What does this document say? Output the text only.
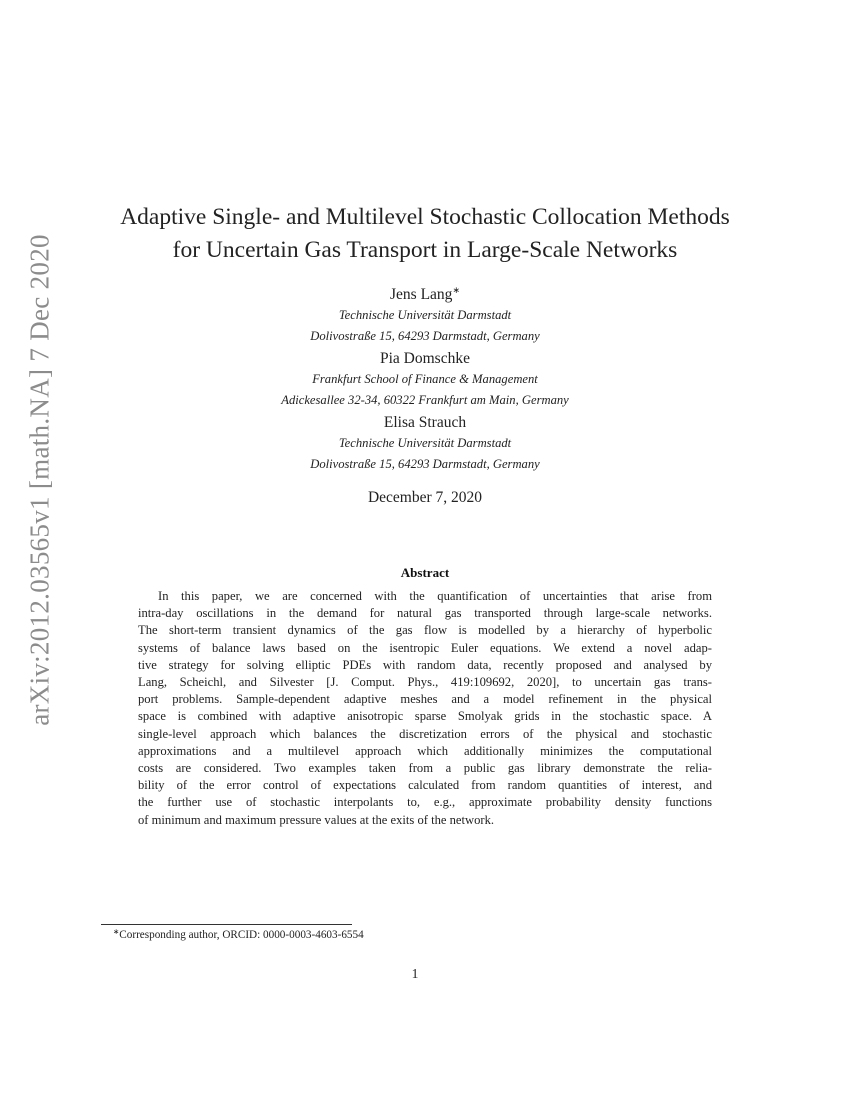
arXiv:2012.03565v1 [math.NA] 7 Dec 2020
Adaptive Single- and Multilevel Stochastic Collocation Methods
for Uncertain Gas Transport in Large-Scale Networks
Jens Lang∗
Technische Universität Darmstadt
Dolivostraße 15, 64293 Darmstadt, Germany
Pia Domschke
Frankfurt School of Finance & Management
Adickesallee 32-34, 60322 Frankfurt am Main, Germany
Elisa Strauch
Technische Universität Darmstadt
Dolivostraße 15, 64293 Darmstadt, Germany
December 7, 2020
Abstract
In this paper, we are concerned with the quantification of uncertainties that arise from
intra-day oscillations in the demand for natural gas transported through large-scale networks.
The short-term transient dynamics of the gas flow is modelled by a hierarchy of hyperbolic
systems of balance laws based on the isentropic Euler equations. We extend a novel adap-
tive strategy for solving elliptic PDEs with random data, recently proposed and analysed by
Lang, Scheichl, and Silvester [J. Comput. Phys., 419:109692, 2020], to uncertain gas trans-
port problems. Sample-dependent adaptive meshes and a model refinement in the physical
space is combined with adaptive anisotropic sparse Smolyak grids in the stochastic space. A
single-level approach which balances the discretization errors of the physical and stochastic
approximations and a multilevel approach which additionally minimizes the computational
costs are considered. Two examples taken from a public gas library demonstrate the relia-
bility of the error control of expectations calculated from random quantities of interest, and
the further use of stochastic interpolants to, e.g., approximate probability density functions
of minimum and maximum pressure values at the exits of the network.
∗Corresponding author, ORCID: 0000-0003-4603-6554
1
